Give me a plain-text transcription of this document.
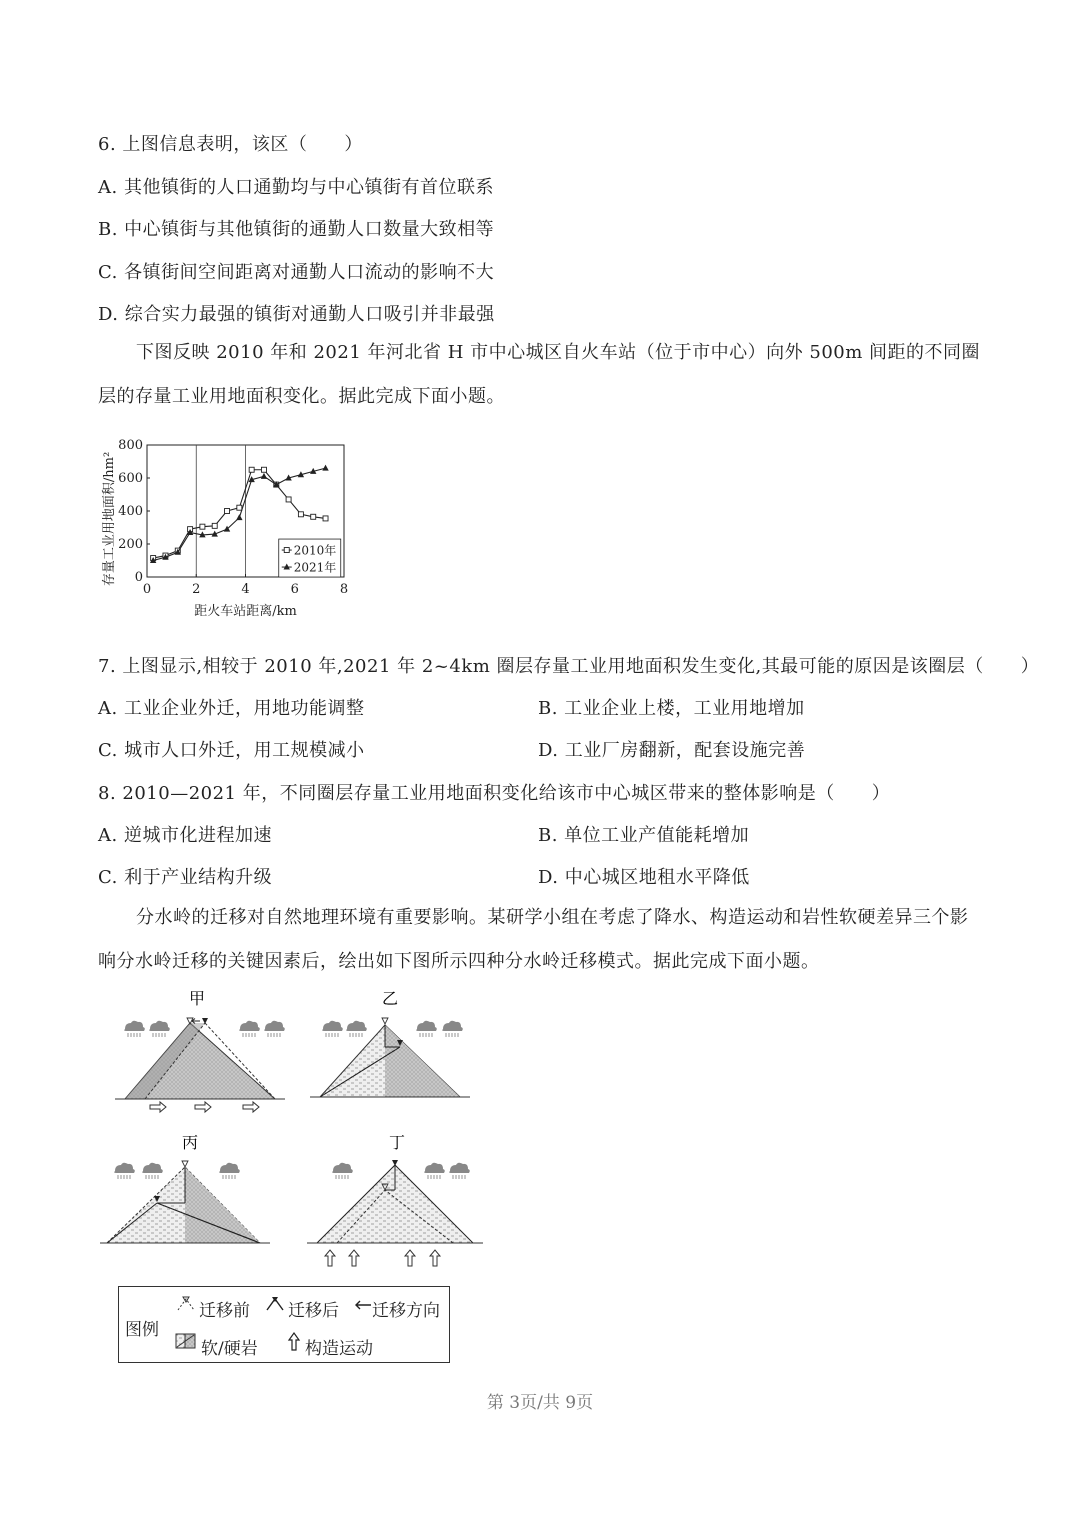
6. 上图信息表明，该区（　　）
A. 其他镇街的人口通勤均与中心镇街有首位联系
B. 中心镇街与其他镇街的通勤人口数量大致相等
C. 各镇街间空间距离对通勤人口流动的影响不大
D. 综合实力最强的镇街对通勤人口吸引并非最强
下图反映 2010 年和 2021 年河北省 H 市中心城区自火车站（位于市中心）向外 500m 间距的不同圈层的存量工业用地面积变化。据此完成下面小题。
0	2	4	6	8
0
200
400
600
800
距火车站距离/km
存量工业用地面积/hm²	2010年
2021年
7. 上图显示,相较于 2010 年,2021 年 2~4km 圈层存量工业用地面积发生变化,其最可能的原因是该圈层（　　）
A. 工业企业外迁，用地功能调整	B. 工业企业上楼，工业用地增加
C. 城市人口外迁，用工规模减小	D. 工业厂房翻新，配套设施完善
8. 2010—2021 年，不同圈层存量工业用地面积变化给该市中心城区带来的整体影响是（　　）
A. 逆城市化进程加速	B. 单位工业产值能耗增加
C. 利于产业结构升级	D. 中心城区地租水平降低
分水岭的迁移对自然地理环境有重要影响。某研学小组在考虑了降水、构造运动和岩性软硬差异三个影响分水岭迁移的关键因素后，绘出如下图所示四种分水岭迁移模式。据此完成下面小题。
甲	乙
丙	丁
图例
迁移前 迁移后 迁移方向
软/硬岩	构造运动
第 3页/共 9页
